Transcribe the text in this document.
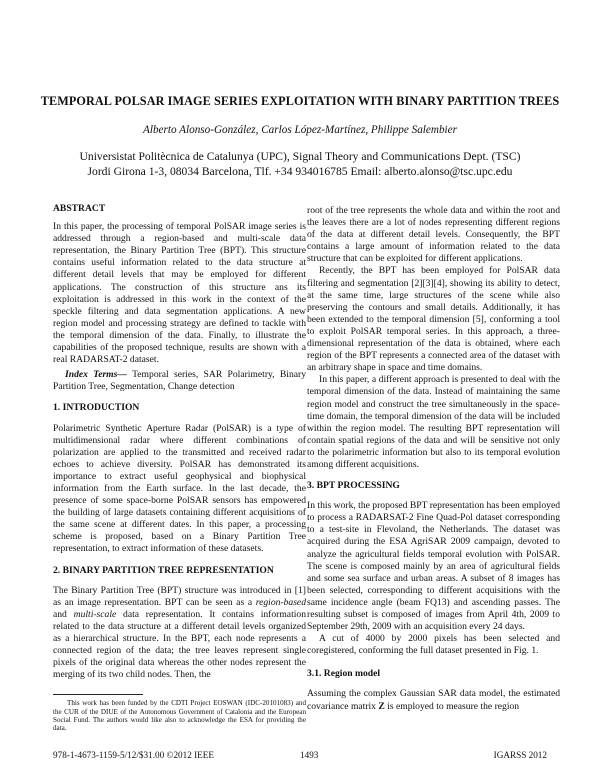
TEMPORAL POLSAR IMAGE SERIES EXPLOITATION WITH BINARY PARTITION TREES
Alberto Alonso-González, Carlos López-Martínez, Philippe Salembier
Universistat Politècnica de Catalunya (UPC), Signal Theory and Communications Dept. (TSC)
Jordi Girona 1-3, 08034 Barcelona, Tlf. +34 934016785 Email: alberto.alonso@tsc.upc.edu

ABSTRACT

In this paper, the processing of temporal PolSAR image series is addressed through a region-based and multi-scale data representation, the Binary Partition Tree (BPT). This structure contains useful information related to the data structure at different detail levels that may be employed for different applications. The construction of this structure ans its exploitation is addressed in this work in the context of the speckle filtering and data segmentation applications. A new region model and processing strategy are defined to tackle with the temporal dimension of the data. Finally, to illustrate the capabilities of the proposed technique, results are shown with a real RADARSAT-2 dataset.

Index Terms— Temporal series, SAR Polarimetry, Binary Partition Tree, Segmentation, Change detection

1. INTRODUCTION

Polarimetric Synthetic Aperture Radar (PolSAR) is a type of multidimensional radar where different combinations of polarization are applied to the transmitted and received radar echoes to achieve diversity. PolSAR has demonstrated its importance to extract useful geophysical and biophysical information from the Earth surface. In the last decade, the presence of some space-borne PolSAR sensors has empowered the building of large datasets containing different acquisitions of the same scene at different dates. In this paper, a processing scheme is proposed, based on a Binary Partition Tree representation, to extract information of these datasets.

2. BINARY PARTITION TREE REPRESENTATION

The Binary Partition Tree (BPT) structure was introduced in [1] as an image representation. BPT can be seen as a region-based and multi-scale data representation. It contains information related to the data structure at a different detail levels organized as a hierarchical structure. In the BPT, each node represents a connected region of the data; the tree leaves represent single pixels of the original data whereas the other nodes represent the merging of its two child nodes. Then, the

This work has been funded by the CDTI Project EOSWAN (IDC-20101083) and the CUR of the DIUE of the Autonomous Government of Catalonia and the European Social Fund. The authors would like also to acknowledge the ESA for providing the data.

root of the tree represents the whole data and within the root and the leaves there are a lot of nodes representing different regions of the data at different detail levels. Consequently, the BPT contains a large amount of information related to the data structure that can be exploited for different applications.

Recently, the BPT has been employed for PolSAR data filtering and segmentation [2][3][4], showing its ability to detect, at the same time, large structures of the scene while also preserving the contours and small details. Additionally, it has been extended to the temporal dimension [5], conforming a tool to exploit PolSAR temporal series. In this approach, a three-dimensional representation of the data is obtained, where each region of the BPT represents a connected area of the dataset with an arbitrary shape in space and time domains.

In this paper, a different approach is presented to deal with the temporal dimension of the data. Instead of maintaining the same region model and construct the tree simultaneously in the space-time domain, the temporal dimension of the data will be included within the region model. The resulting BPT representation will contain spatial regions of the data and will be sensitive not only to the polarimetric information but also to its temporal evolution among different acquisitions.

3. BPT PROCESSING

In this work, the proposed BPT representation has been employed to process a RADARSAT-2 Fine Quad-Pol dataset corresponding to a test-site in Flevoland, the Netherlands. The dataset was acquired during the ESA AgriSAR 2009 campaign, devoted to analyze the agricultural fields temporal evolution with PolSAR. The scene is composed mainly by an area of agricultural fields and some sea surface and urban areas. A subset of 8 images has been selected, corresponding to different acquisitions with the same incidence angle (beam FQ13) and ascending passes. The resulting subset is composed of images from April 4th, 2009 to September 29th, 2009 with an acquisition every 24 days.

A cut of 4000 by 2000 pixels has been selected and coregistered, conforming the full dataset presented in Fig. 1.

3.1. Region model

Assuming the complex Gaussian SAR data model, the estimated covariance matrix Z is employed to measure the region

978-1-4673-1159-5/12/$31.00 ©2012 IEEE	1493	IGARSS 2012
